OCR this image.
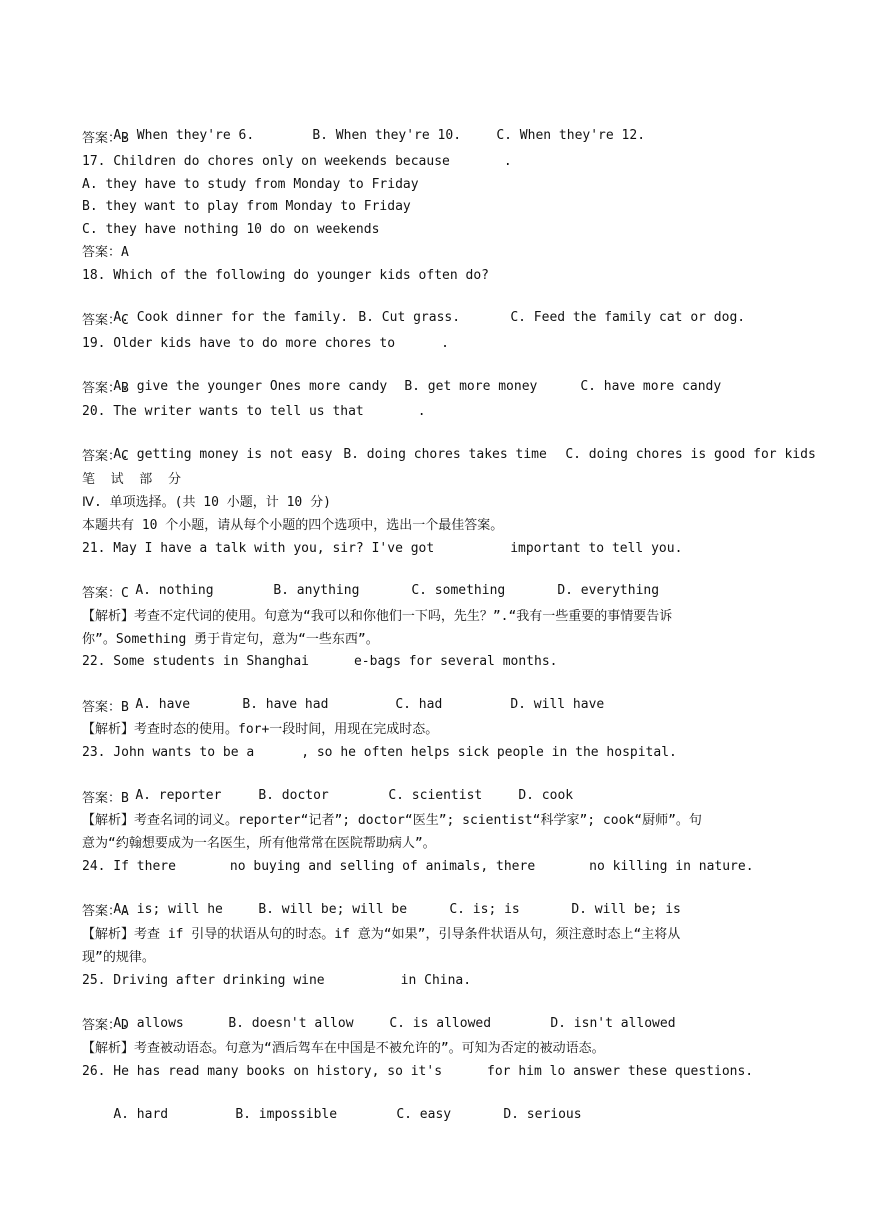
A. When they're 6.	B. When they're 10.	C. When they're 12.

答案：B
17. Children do chores only on weekends because	.
A. they have to study from Monday to Friday
B. they want to play from Monday to Friday
C. they have nothing 10 do on weekends
答案：A
18. Which of the following do younger kids often do?

A. Cook dinner for the family. B. Cut grass.	C. Feed the family cat or dog.

答案：C
19. Older kids have to do more chores to	.

A. give the younger Ones more candy B. get more money	C. have more candy

答案：B
20. The writer wants to tell us that	.

A. getting money is not easy B. doing chores takes time C. doing chores is good for kids

答案：C
笔  试  部  分
Ⅳ. 单项选择。(共 10 小题，计 10 分)
本题共有 10 个小题，请从每个小题的四个选项中，选出一个最佳答案。
21. May I have a talk with you, sir? I've got	important to tell you.

A. nothing	B. anything	C. something	D. everything

答案：C
【解析】考查不定代词的使用。句意为“我可以和你他们一下吗，先生？”.“我有一些重要的事情要告诉
你”。Something 勇于肯定句，意为“一些东西”。
22. Some students in Shanghai	e-bags for several months.

A. have	B. have had	C. had	D. will have

答案：B
【解析】考查时态的使用。for+一段时间，用现在完成时态。
23. John wants to be a	, so he often helps sick people in the hospital.

A. reporter	B. doctor	C. scientist	D. cook

答案：B
【解析】考查名词的词义。reporter“记者”; doctor“医生”; scientist“科学家”; cook“厨师”。句
意为“约翰想要成为一名医生，所有他常常在医院帮助病人”。
24. If there	no buying and selling of animals, there	no killing in nature.

A. is; will he	B. will be; will be	C. is; is	D. will be; is

答案：A
【解析】考查 if 引导的状语从句的时态。if 意为“如果”，引导条件状语从句，须注意时态上“主将从
现”的规律。
25. Driving after drinking wine	in China.

A. allows	B. doesn't allow	C. is allowed	D. isn't allowed

答案：D
【解析】考查被动语态。句意为“酒后驾车在中国是不被允许的”。可知为否定的被动语态。
26. He has read many books on history, so it's	for him lo answer these questions.

A. hard	B. impossible	C. easy	D. serious
